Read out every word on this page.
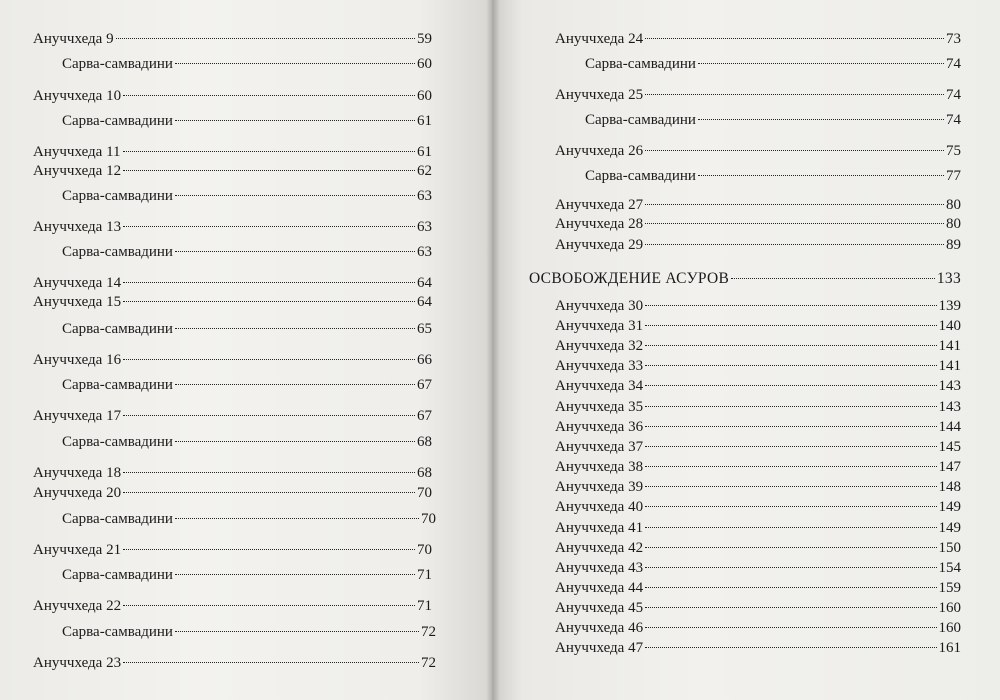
Ануччхеда 9	59
Сарва-самвадини	60
Ануччхеда 10	60
Сарва-самвадини	61
Ануччхеда 11	61
Ануччхеда 12	62
Сарва-самвадини	63
Ануччхеда 13	63
Сарва-самвадини	63
Ануччхеда 14	64
Ануччхеда 15	64
Сарва-самвадини	65
Ануччхеда 16	66
Сарва-самвадини	67
Ануччхеда 17	67
Сарва-самвадини	68
Ануччхеда 18	68
Ануччхеда 20	70
Сарва-самвадини	70
Ануччхеда 21	70
Сарва-самвадини	71
Ануччхеда 22	71
Сарва-самвадини	72
Ануччхеда 23	72
Ануччхеда 24	73
Сарва-самвадини	74
Ануччхеда 25	74
Сарва-самвадини	74
Ануччхеда 26	75
Сарва-самвадини	77
Ануччхеда 27	80
Ануччхеда 28	80
Ануччхеда 29	89
ОСВОБОЖДЕНИЕ АСУРОВ	133
Ануччхеда 30	139
Ануччхеда 31	140
Ануччхеда 32	141
Ануччхеда 33	141
Ануччхеда 34	143
Ануччхеда 35	143
Ануччхеда 36	144
Ануччхеда 37	145
Ануччхеда 38	147
Ануччхеда 39	148
Ануччхеда 40	149
Ануччхеда 41	149
Ануччхеда 42	150
Ануччхеда 43	154
Ануччхеда 44	159
Ануччхеда 45	160
Ануччхеда 46	160
Ануччхеда 47	161
